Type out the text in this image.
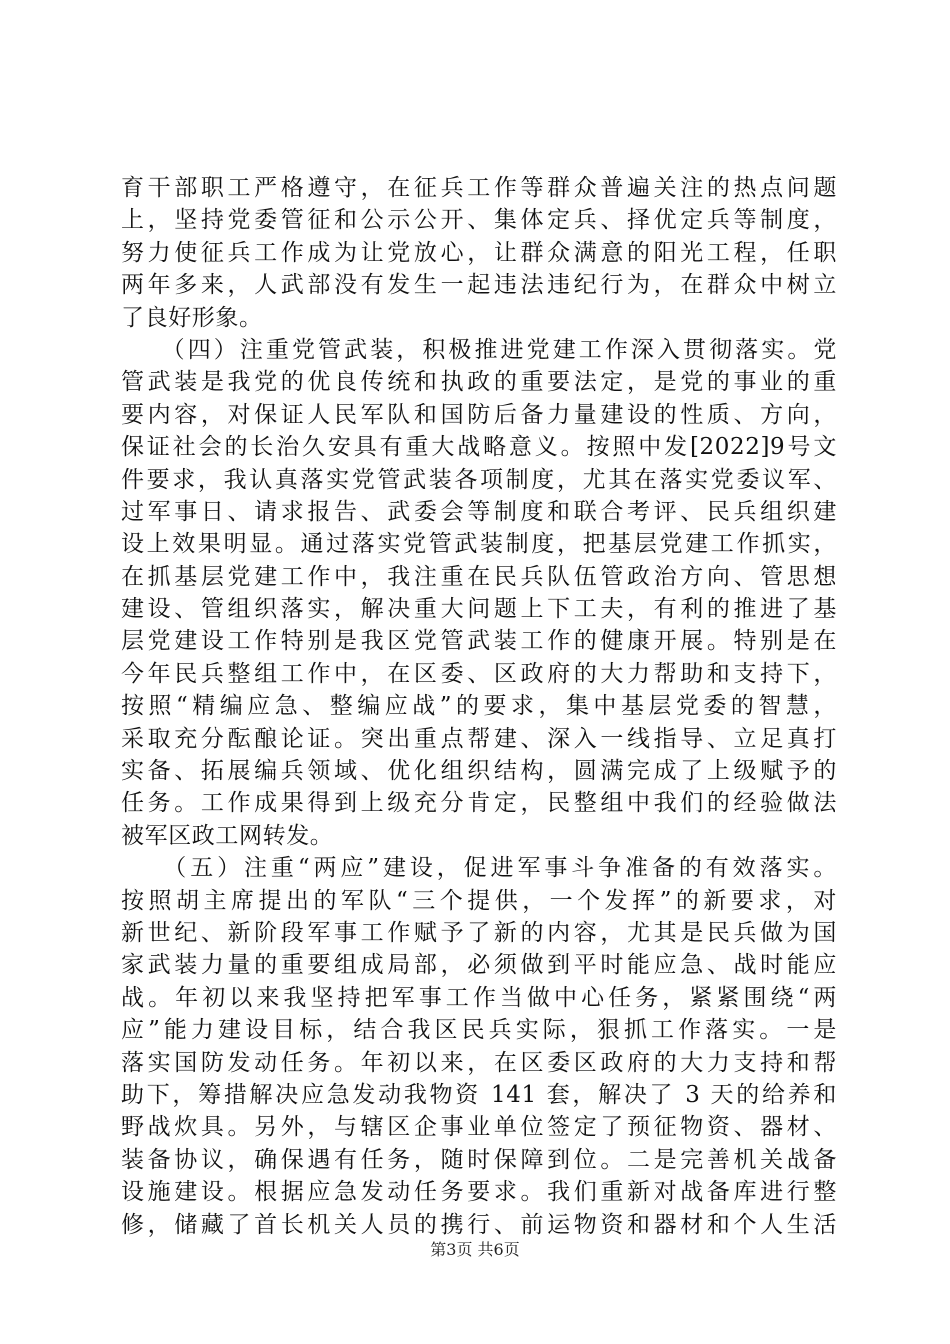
育干部职工严格遵守，在征兵工作等群众普遍关注的热点问题
上，坚持党委管征和公示公开、集体定兵、择优定兵等制度，
努力使征兵工作成为让党放心，让群众满意的阳光工程，任职
两年多来，人武部没有发生一起违法违纪行为，在群众中树立
了良好形象。
　　（四）注重党管武装，积极推进党建工作深入贯彻落实。党
管武装是我党的优良传统和执政的重要法定，是党的事业的重
要内容，对保证人民军队和国防后备力量建设的性质、方向，
保证社会的长治久安具有重大战略意义。按照中发[2022]9号文
件要求，我认真落实党管武装各项制度，尤其在落实党委议军、
过军事日、请求报告、武委会等制度和联合考评、民兵组织建
设上效果明显。通过落实党管武装制度，把基层党建工作抓实，
在抓基层党建工作中，我注重在民兵队伍管政治方向、管思想
建设、管组织落实，解决重大问题上下工夫，有利的推进了基
层党建设工作特别是我区党管武装工作的健康开展。特别是在
今年民兵整组工作中，在区委、区政府的大力帮助和支持下，
按照“精编应急、整编应战”的要求，集中基层党委的智慧，
采取充分酝酿论证。突出重点帮建、深入一线指导、立足真打
实备、拓展编兵领域、优化组织结构，圆满完成了上级赋予的
任务。工作成果得到上级充分肯定，民整组中我们的经验做法
被军区政工网转发。
　　（五）注重“两应”建设，促进军事斗争准备的有效落实。
按照胡主席提出的军队“三个提供，一个发挥”的新要求，对
新世纪、新阶段军事工作赋予了新的内容，尤其是民兵做为国
家武装力量的重要组成局部，必须做到平时能应急、战时能应
战。年初以来我坚持把军事工作当做中心任务，紧紧围绕“两
应”能力建设目标，结合我区民兵实际，狠抓工作落实。一是
落实国防发动任务。年初以来，在区委区政府的大力支持和帮
助下，筹措解决应急发动我物资 141 套，解决了 3 天的给养和
野战炊具。另外，与辖区企事业单位签定了预征物资、器材、
装备协议，确保遇有任务，随时保障到位。二是完善机关战备
设施建设。根据应急发动任务要求。我们重新对战备库进行整
修，储藏了首长机关人员的携行、前运物资和器材和个人生活
第3页 共6页
